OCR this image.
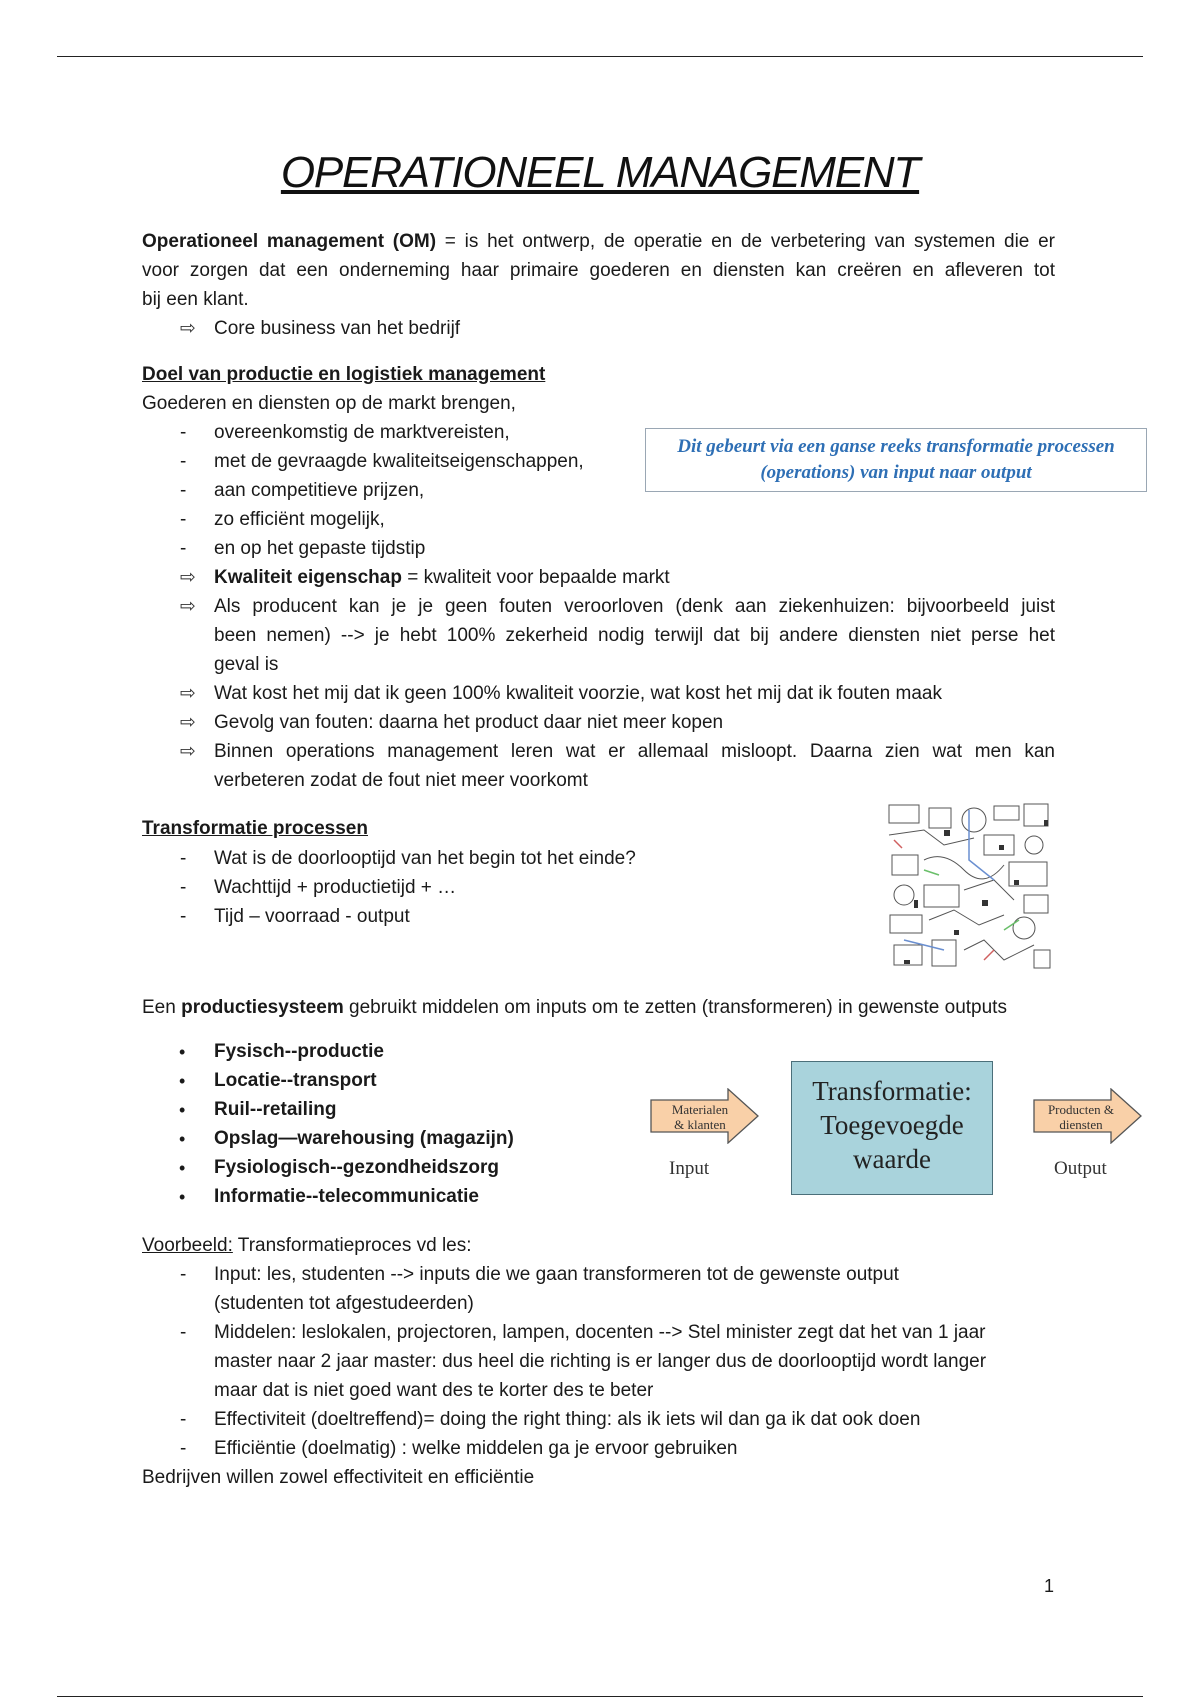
OPERATIONEEL MANAGEMENT
Operationeel management (OM) = is het ontwerp, de operatie en de verbetering van systemen die er
voor zorgen dat een onderneming haar primaire goederen en diensten kan creëren en afleveren tot
bij een klant.
⇨ Core business van het bedrijf
Doel van productie en logistiek management
Goederen en diensten op de markt brengen,
- overeenkomstig de marktvereisten,
- met de gevraagde kwaliteitseigenschappen,
- aan competitieve prijzen,
- zo efficiënt mogelijk,
- en op het gepaste tijdstip
Dit gebeurt via een ganse reeks transformatie processen
(operations) van input naar output
⇨ Kwaliteit eigenschap = kwaliteit voor bepaalde markt
⇨ Als producent kan je je geen fouten veroorloven (denk aan ziekenhuizen: bijvoorbeeld juist
been nemen) --> je hebt 100% zekerheid nodig terwijl dat bij andere diensten niet perse het
geval is
⇨ Wat kost het mij dat ik geen 100% kwaliteit voorzie, wat kost het mij dat ik fouten maak
⇨ Gevolg van fouten: daarna het product daar niet meer kopen
⇨ Binnen operations management leren wat er allemaal misloopt. Daarna zien wat men kan
verbeteren zodat de fout niet meer voorkomt
Transformatie processen
- Wat is de doorlooptijd van het begin tot het einde?
- Wachttijd + productietijd + …
- Tijd – voorraad - output
Een productiesysteem gebruikt middelen om inputs om te zetten (transformeren) in gewenste outputs
• Fysisch--productie
• Locatie--transport
• Ruil--retailing
• Opslag—warehousing (magazijn)
• Fysiologisch--gezondheidszorg
• Informatie--telecommunicatie
Materialen
& klanten
Input
Transformatie:
Toegevoegde
waarde
Producten &
diensten
Output
Voorbeeld: Transformatieproces vd les:
- Input: les, studenten --> inputs die we gaan transformeren tot de gewenste output
(studenten tot afgestudeerden)
- Middelen: leslokalen, projectoren, lampen, docenten --> Stel minister zegt dat het van 1 jaar
master naar 2 jaar master: dus heel die richting is er langer dus de doorlooptijd wordt langer
maar dat is niet goed want des te korter des te beter
- Effectiviteit (doeltreffend)= doing the right thing: als ik iets wil dan ga ik dat ook doen
- Efficiëntie (doelmatig) : welke middelen ga je ervoor gebruiken
Bedrijven willen zowel effectiviteit en efficiëntie
1
